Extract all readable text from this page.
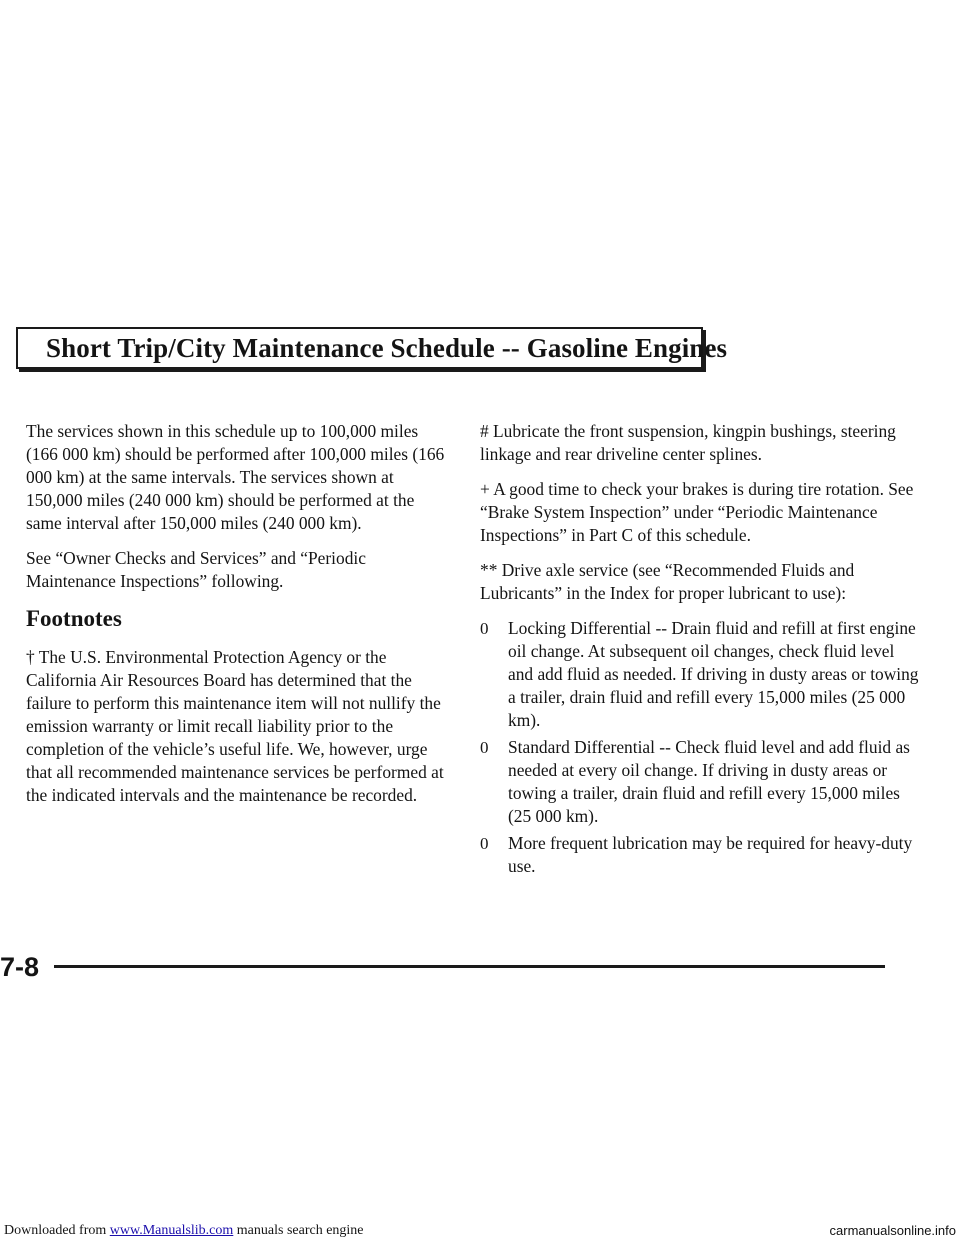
Short Trip/City Maintenance Schedule -- Gasoline Engines

The services shown in this schedule up to 100,000 miles (166 000 km) should be performed after 100,000 miles (166 000 km) at the same intervals. The services shown at 150,000 miles (240 000 km) should be performed at the same interval after 150,000 miles (240 000 km).

See “Owner Checks and Services” and “Periodic Maintenance Inspections” following.

Footnotes

† The U.S. Environmental Protection Agency or the California Air Resources Board has determined that the failure to perform this maintenance item will not nullify the emission warranty or limit recall liability prior to the completion of the vehicle’s useful life. We, however, urge that all recommended maintenance services be performed at the indicated intervals and the maintenance be recorded.

# Lubricate the front suspension, kingpin bushings, steering linkage and rear driveline center splines.

+ A good time to check your brakes is during tire rotation. See “Brake System Inspection” under “Periodic Maintenance Inspections” in Part C of this schedule.

** Drive axle service (see “Recommended Fluids and Lubricants” in the Index for proper lubricant to use):

0 Locking Differential -- Drain fluid and refill at first engine oil change. At subsequent oil changes, check fluid level and add fluid as needed. If driving in dusty areas or towing a trailer, drain fluid and refill every 15,000 miles (25 000 km).
0 Standard Differential -- Check fluid level and add fluid as needed at every oil change. If driving in dusty areas or towing a trailer, drain fluid and refill every 15,000 miles (25 000 km).
0 More frequent lubrication may be required for heavy-duty use.
7-8
Downloaded from www.Manualslib.com manuals search engine	carmanualsonline.info
